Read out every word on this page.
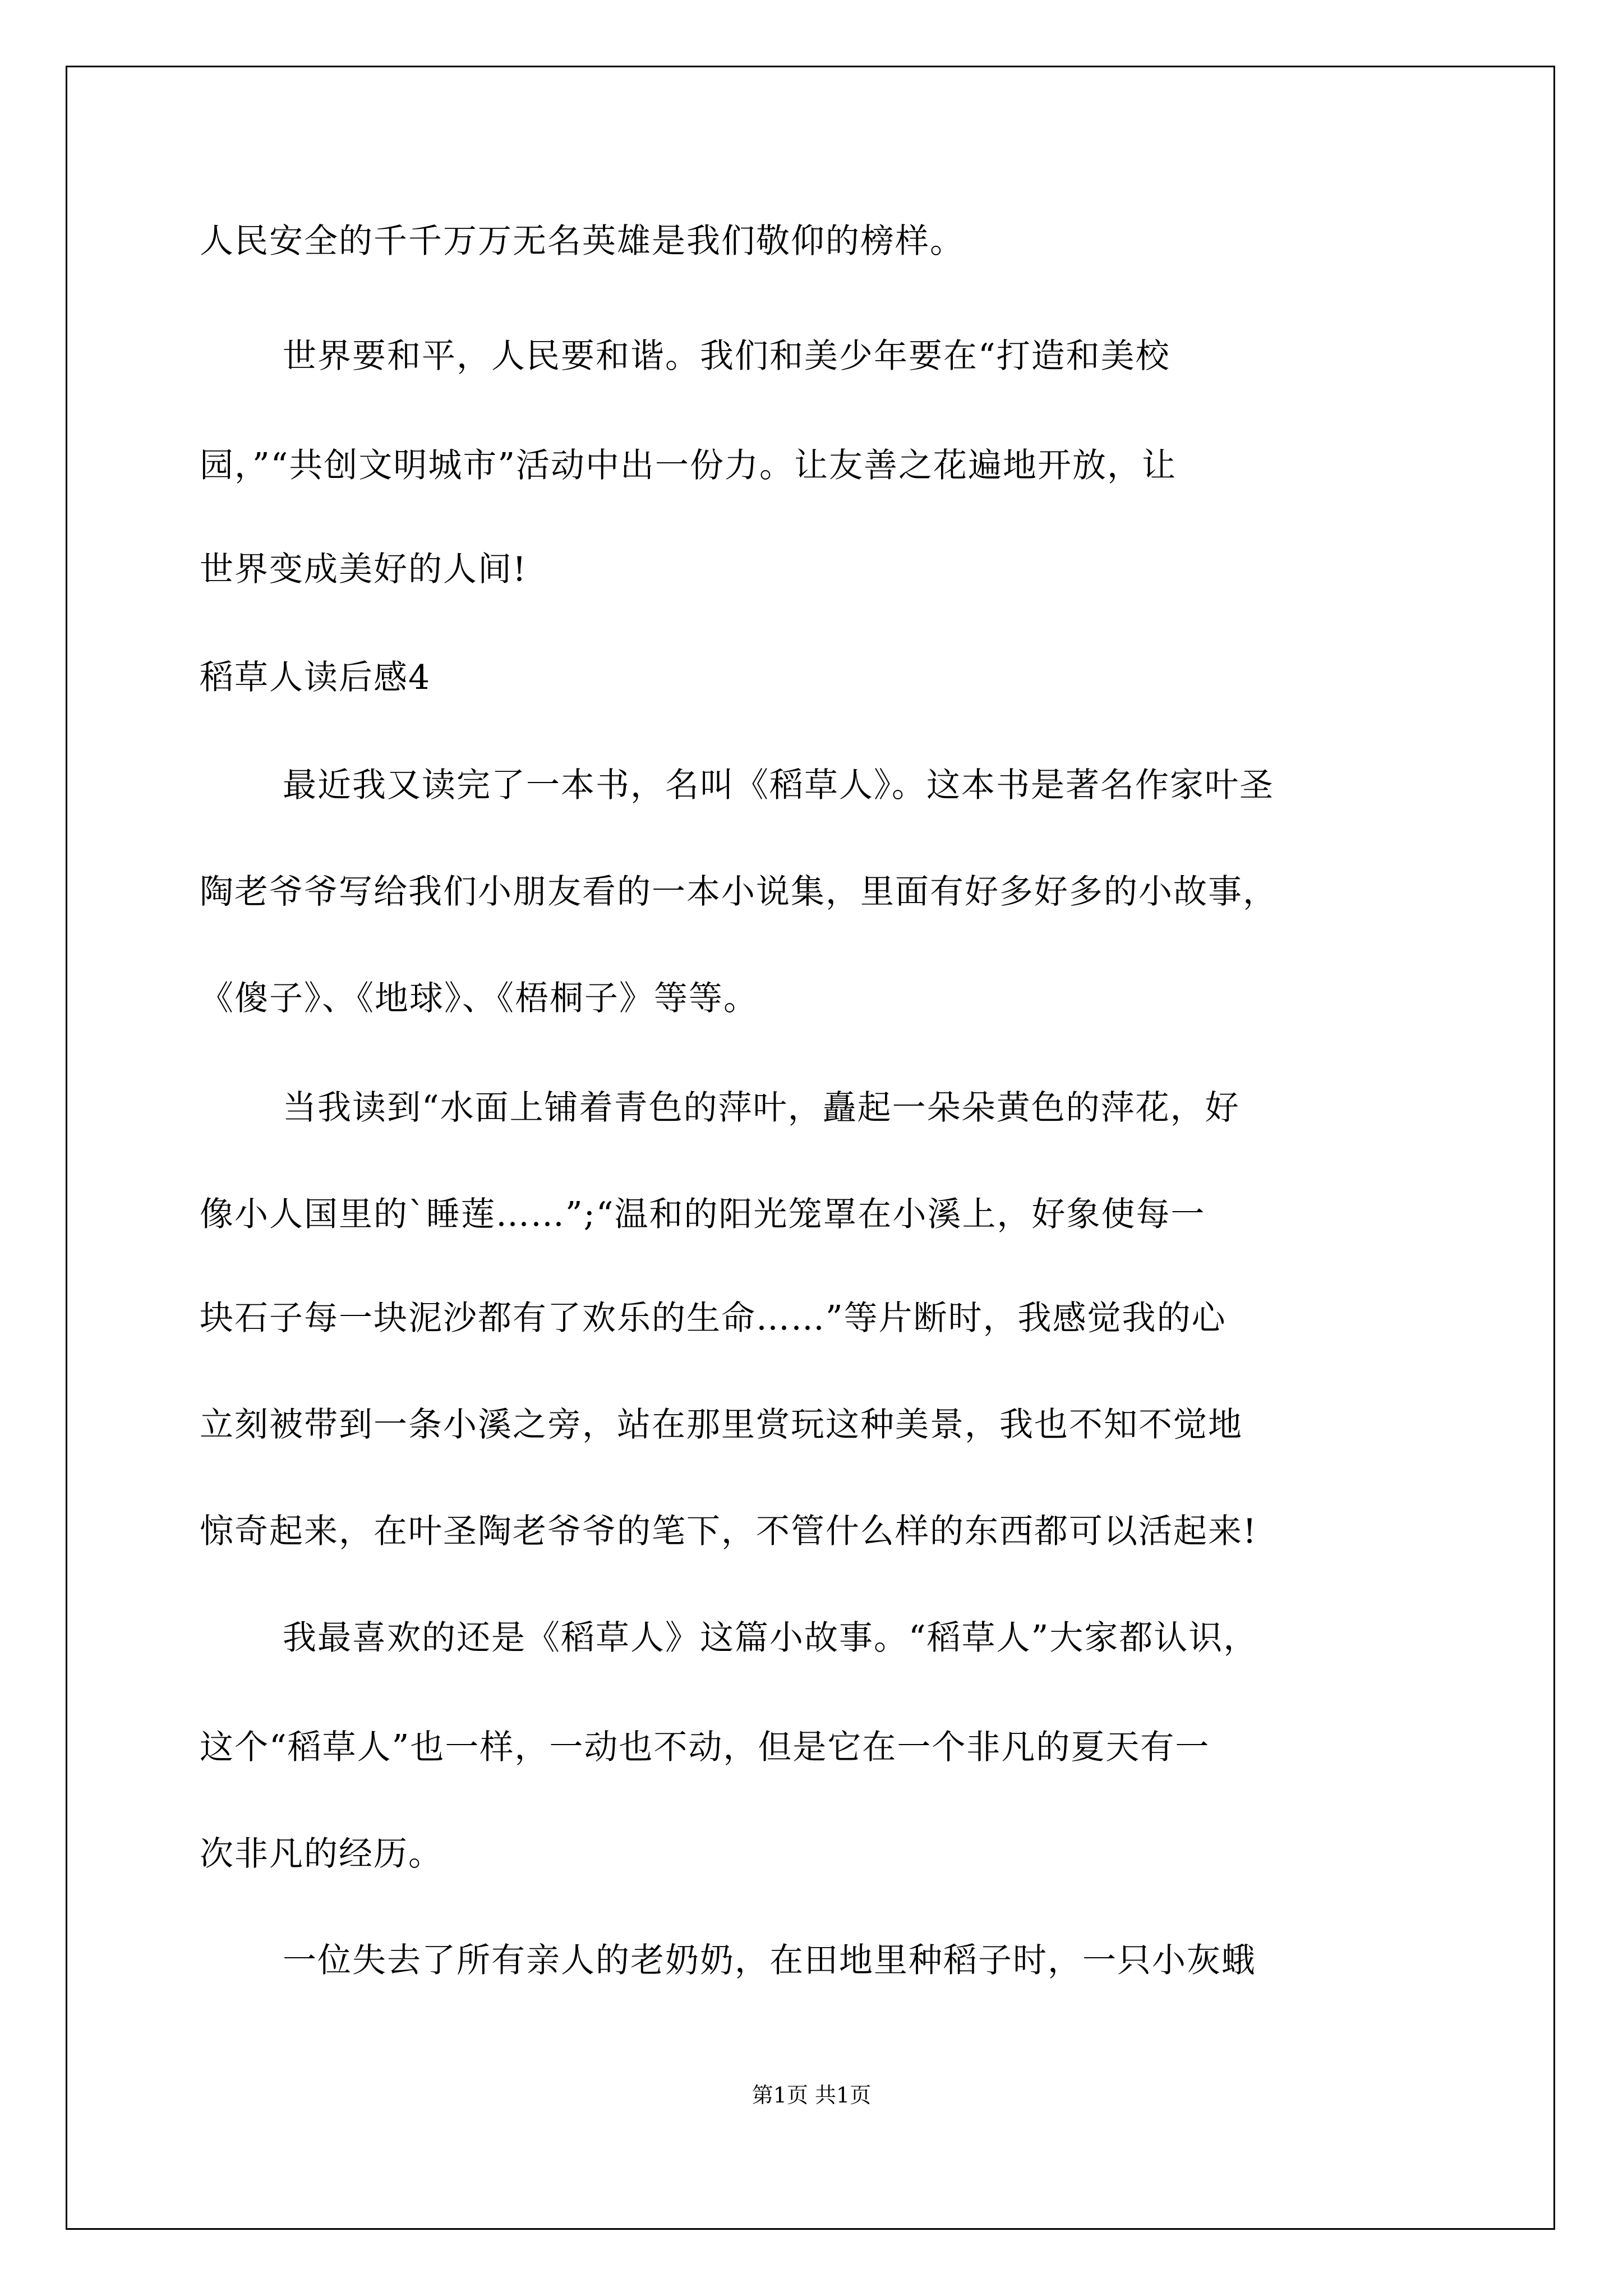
人民安全的千千万万无名英雄是我们敬仰的榜样。
世界要和平，人民要和谐。我们和美少年要在“打造和美校
园，”“共创文明城市”活动中出一份力。让友善之花遍地开放，让
世界变成美好的人间!
稻草人读后感4
最近我又读完了一本书，名叫《稻草人》。这本书是著名作家叶圣
陶老爷爷写给我们小朋友看的一本小说集，里面有好多好多的小故事，
《傻子》、《地球》、《梧桐子》等等。
当我读到“水面上铺着青色的萍叶，矗起一朵朵黄色的萍花，好
像小人国里的`睡莲……”;“温和的阳光笼罩在小溪上，好象使每一
块石子每一块泥沙都有了欢乐的生命……”等片断时，我感觉我的心
立刻被带到一条小溪之旁，站在那里赏玩这种美景，我也不知不觉地
惊奇起来，在叶圣陶老爷爷的笔下，不管什么样的东西都可以活起来!
我最喜欢的还是《稻草人》这篇小故事。“稻草人”大家都认识，
这个“稻草人”也一样，一动也不动，但是它在一个非凡的夏天有一
次非凡的经历。
一位失去了所有亲人的老奶奶，在田地里种稻子时，一只小灰蛾
第1页 共1页
